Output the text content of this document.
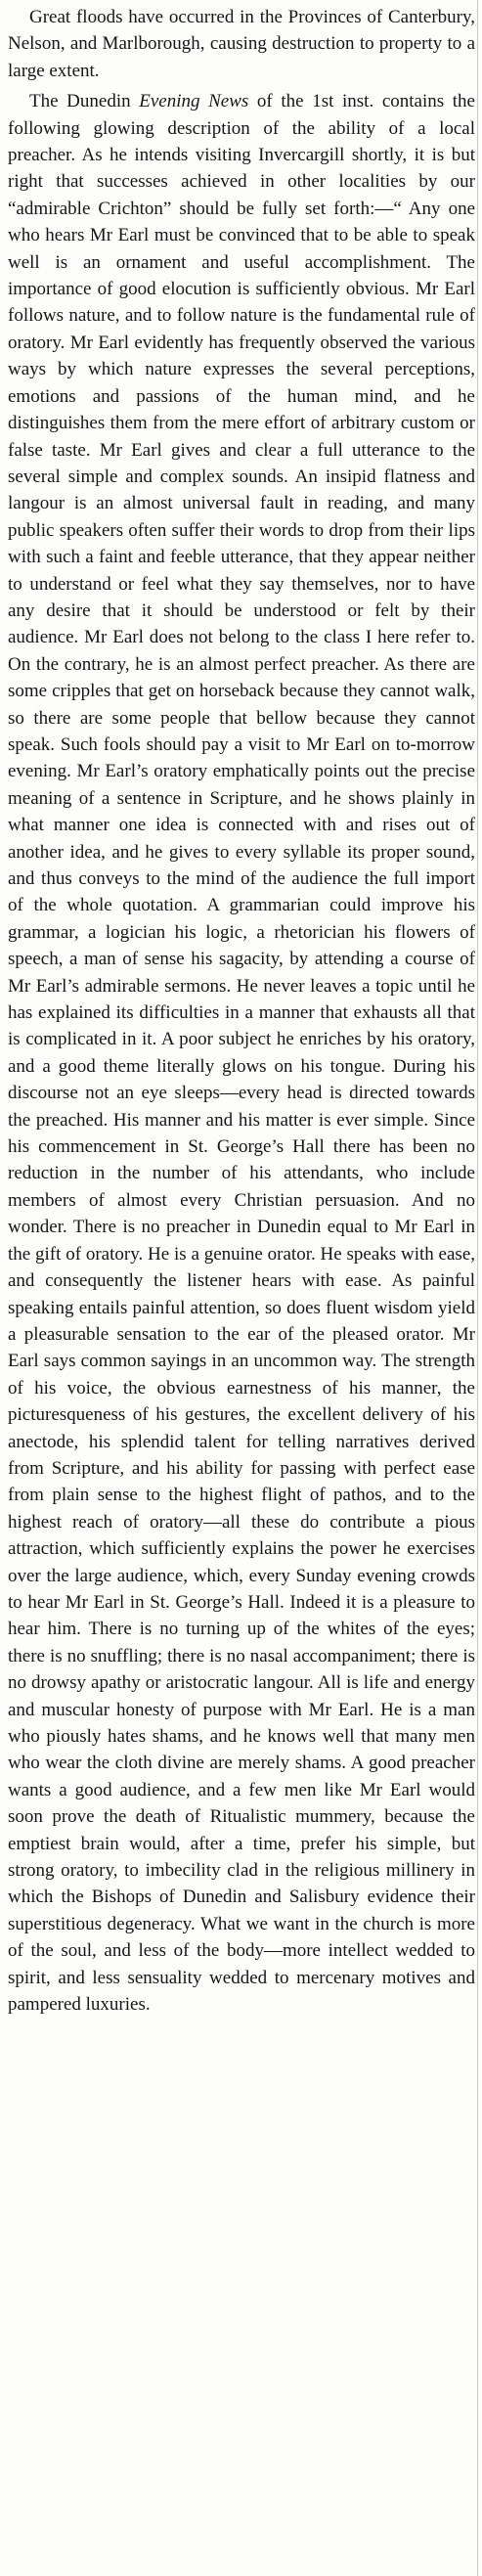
Great floods have occurred in the Provinces of Canterbury, Nelson, and Marlborough, causing destruction to property to a large extent.

The Dunedin Evening News of the 1st inst. contains the following glowing description of the ability of a local preacher. As he intends visiting Invercargill shortly, it is but right that successes achieved in other localities by our “admirable Crichton” should be fully set forth:—“ Any one who hears Mr Earl must be convinced that to be able to speak well is an ornament and useful accomplishment. The importance of good elocution is sufficiently obvious. Mr Earl follows nature, and to follow nature is the fundamental rule of oratory. Mr Earl evidently has frequently observed the various ways by which nature expresses the several perceptions, emotions and passions of the human mind, and he distinguishes them from the mere effort of arbitrary custom or false taste. Mr Earl gives and clear a full utterance to the several simple and complex sounds. An insipid flatness and langour is an almost universal fault in reading, and many public speakers often suffer their words to drop from their lips with such a faint and feeble utterance, that they appear neither to understand or feel what they say themselves, nor to have any desire that it should be understood or felt by their audience. Mr Earl does not belong to the class I here refer to. On the contrary, he is an almost perfect preacher. As there are some cripples that get on horseback because they cannot walk, so there are some people that bellow because they cannot speak. Such fools should pay a visit to Mr Earl on to-morrow evening. Mr Earl’s oratory emphatically points out the precise meaning of a sentence in Scripture, and he shows plainly in what manner one idea is connected with and rises out of another idea, and he gives to every syllable its proper sound, and thus conveys to the mind of the audience the full import of the whole quotation. A grammarian could improve his grammar, a logician his logic, a rhetorician his flowers of speech, a man of sense his sagacity, by attending a course of Mr Earl’s admirable sermons. He never leaves a topic until he has explained its difficulties in a manner that exhausts all that is complicated in it. A poor subject he enriches by his oratory, and a good theme literally glows on his tongue. During his discourse not an eye sleeps—every head is directed towards the preached. His manner and his matter is ever simple. Since his commencement in St. George’s Hall there has been no reduction in the number of his attendants, who include members of almost every Christian persuasion. And no wonder. There is no preacher in Dunedin equal to Mr Earl in the gift of oratory. He is a genuine orator. He speaks with ease, and consequently the listener hears with ease. As painful speaking entails painful attention, so does fluent wisdom yield a pleasurable sensation to the ear of the pleased orator. Mr Earl says common sayings in an uncommon way. The strength of his voice, the obvious earnestness of his manner, the picturesqueness of his gestures, the excellent delivery of his anectode, his splendid talent for telling narratives derived from Scripture, and his ability for passing with perfect ease from plain sense to the highest flight of pathos, and to the highest reach of oratory—all these do contribute a pious attraction, which sufficiently explains the power he exercises over the large audience, which, every Sunday evening crowds to hear Mr Earl in St. George’s Hall. Indeed it is a pleasure to hear him. There is no turning up of the whites of the eyes; there is no snuffling; there is no nasal accompaniment; there is no drowsy apathy or aristocratic langour. All is life and energy and muscular honesty of purpose with Mr Earl. He is a man who piously hates shams, and he knows well that many men who wear the cloth divine are merely shams. A good preacher wants a good audience, and a few men like Mr Earl would soon prove the death of Ritualistic mummery, because the emptiest brain would, after a time, prefer his simple, but strong oratory, to imbecility clad in the religious millinery in which the Bishops of Dunedin and Salisbury evidence their superstitious degeneracy. What we want in the church is more of the soul, and less of the body—more intellect wedded to spirit, and less sensuality wedded to mercenary motives and pampered luxuries.
